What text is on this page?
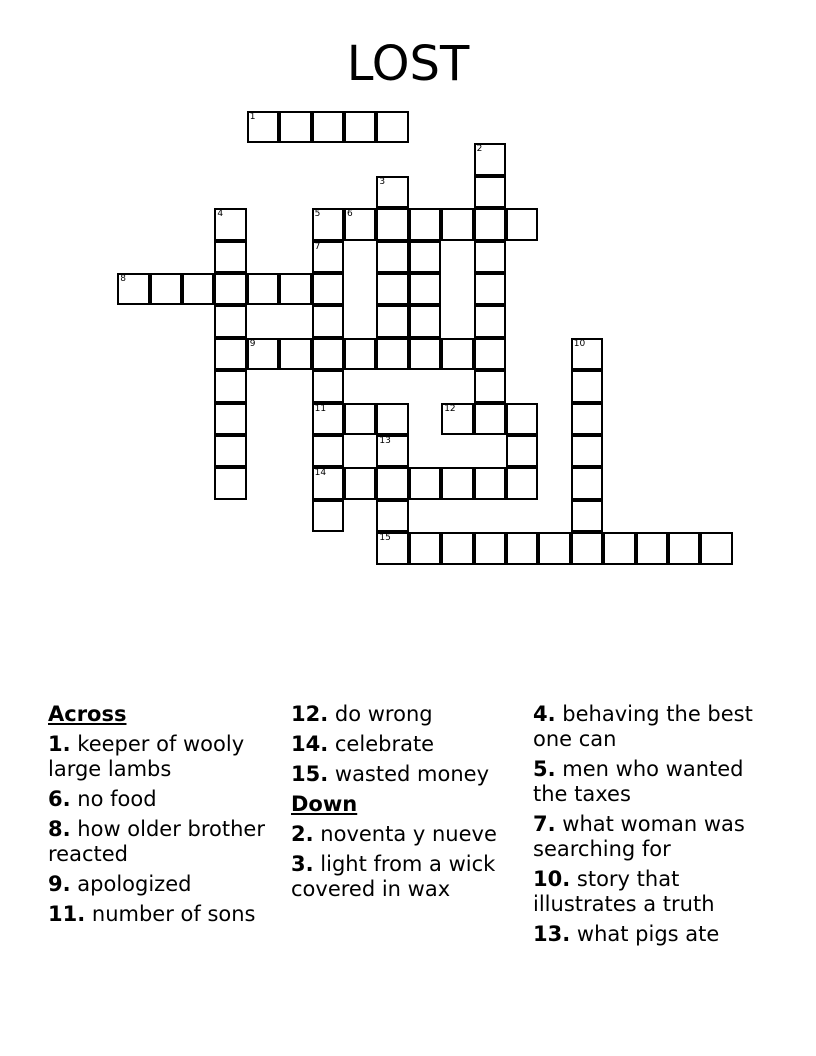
LOST
1
2
3
4	5	6
7
8
9	10
11	12
13
14
15
Across
1. keeper of wooly large lambs
6. no food
8. how older brother reacted
9. apologized
11. number of sons
12. do wrong
14. celebrate
15. wasted money
Down
2. noventa y nueve
3. light from a wick covered in wax
4. behaving the best one can
5. men who wanted the taxes
7. what woman was searching for
10. story that illustrates a truth
13. what pigs ate
